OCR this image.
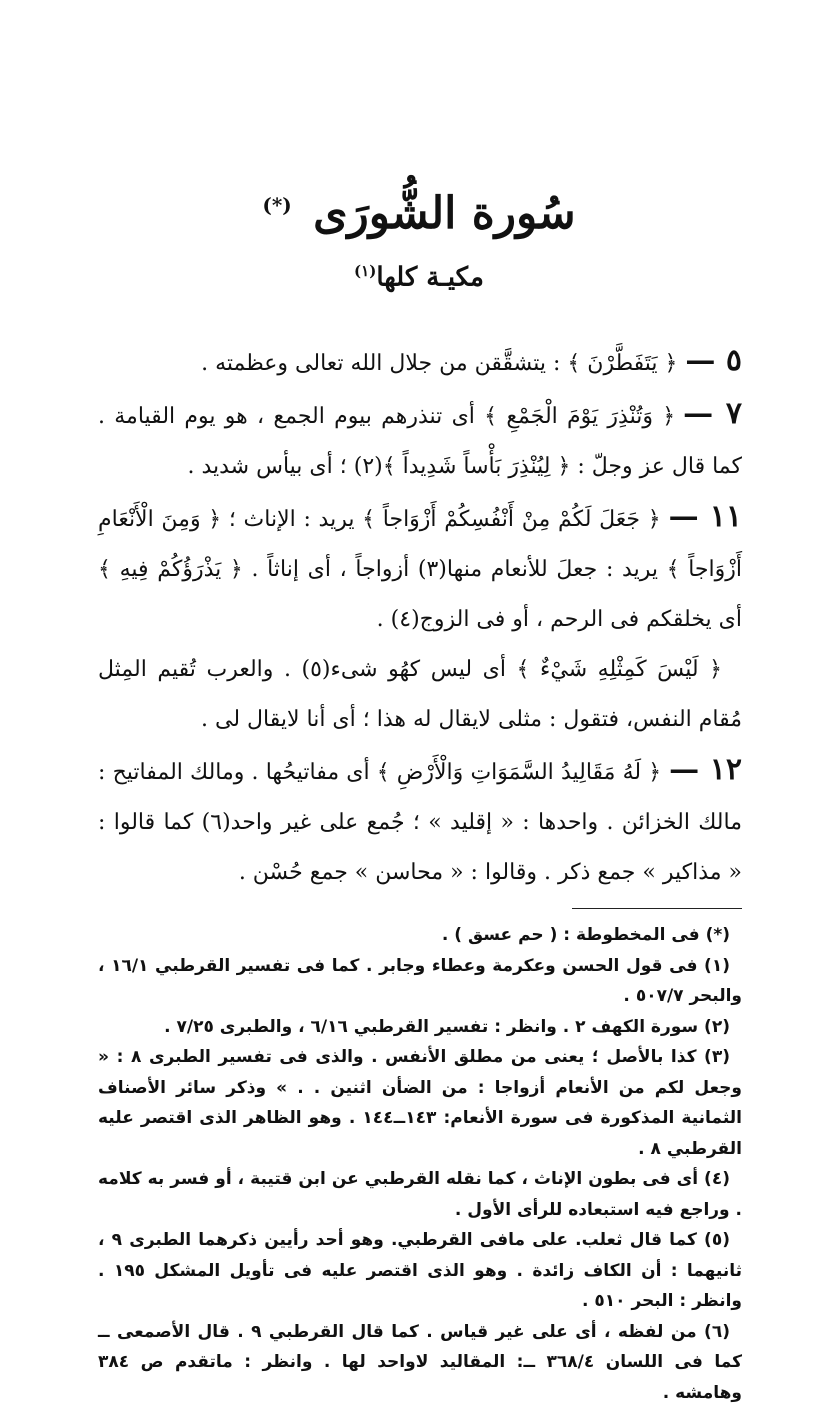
سُورة الشُّورَى (*)
مكيـة كلها$^{(١)}$

٥ —﴿ يَتَفَطَّرْنَ ﴾ : يتشقَّقن من جلال الله تعالى وعظمته .

٧ —﴿ وَتُنْذِرَ يَوْمَ الْجَمْعِ ﴾ أى تنذرهم بيوم الجمع ، هو يوم القيامة . كما قال عز وجلّ : ﴿ لِيُنْذِرَ بَأْساً شَدِيداً ﴾(٢) ؛ أى بيأس شديد .

١١ —﴿ جَعَلَ لَكُمْ مِنْ أَنْفُسِكُمْ أَزْوَاجاً ﴾ يريد : الإناث ؛ ﴿ وَمِنَ الْأَنْعَامِ أَزْوَاجاً ﴾ يريد : جعلَ للأنعام منها(٣) أزواجاً ، أى إناثاً . ﴿ يَذْرَؤُكُمْ فِيهِ ﴾ أى يخلقكم فى الرحم ، أو فى الزوج(٤) .

﴿ لَيْسَ كَمِثْلِهِ شَيْءٌ ﴾ أى ليس كهُو شىء(٥) . والعرب تُقيم المِثل مُقام النفس، فتقول : مثلى لايقال له هذا ؛ أى أنا لايقال لى .

١٢ —﴿ لَهُ مَقَالِيدُ السَّمَوَاتِ وَالْأَرْضِ ﴾ أى مفاتيحُها . ومالك المفاتيح : مالك الخزائن . واحدها : « إقليد » ؛ جُمع على غير واحد(٦) كما قالوا : « مذاكير » جمع ذكر . وقالوا : « محاسن » جمع حُسْن .

(*) فى المخطوطة : ( حم عسق ) .

(١) فى قول الحسن وعكرمة وعطاء وجابر . كما فى تفسير القرطبي ١٦/١ ، والبحر ٥٠٧/٧ .

(٢) سورة الكهف ٢ . وانظر : تفسير القرطبي ٦/١٦ ، والطبرى ٧/٢٥ .

(٣) كذا بالأصل ؛ يعنى من مطلق الأنفس . والذى فى تفسير الطبرى ٨ : « وجعل لكم من الأنعام أزواجا : من الضأن اثنين . . » وذكر سائر الأصناف الثمانية المذكورة فى سورة الأنعام: ١٤٣ــ١٤٤ . وهو الظاهر الذى اقتصر عليه القرطبي ٨ .

(٤) أى فى بطون الإناث ، كما نقله القرطبي عن ابن قتيبة ، أو فسر به كلامه . وراجع فيه استبعاده للرأى الأول .

(٥) كما قال ثعلب. على مافى القرطبي. وهو أحد رأيين ذكرهما الطبرى ٩ ، ثانيهما : أن الكاف زائدة . وهو الذى اقتصر عليه فى تأويل المشكل ١٩٥ . وانظر : البحر ٥١٠ .

(٦) من لفظه ، أى على غير قياس . كما قال القرطبي ٩ . قال الأصمعى ــ كما فى اللسان ٣٦٨/٤ ــ: المقاليد لاواحد لها . وانظر : ماتقدم ص ٣٨٤ وهامشه .
